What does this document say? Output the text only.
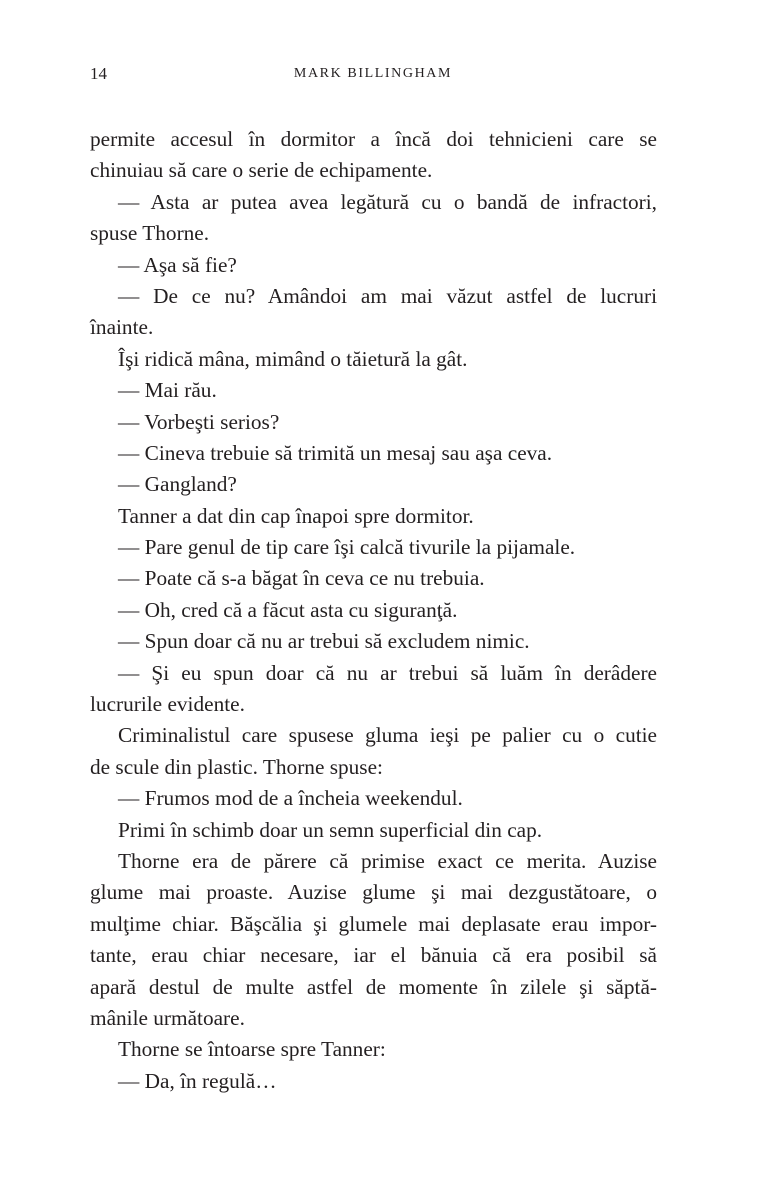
14	MARK BILLINGHAM
permite accesul în dormitor a încă doi tehnicieni care se
chinuiau să care o serie de echipamente.
— Asta ar putea avea legătură cu o bandă de infractori,
spuse Thorne.
— Aşa să fie?
— De ce nu? Amândoi am mai văzut astfel de lucruri
înainte.
Îşi ridică mâna, mimând o tăietură la gât.
— Mai rău.
— Vorbeşti serios?
— Cineva trebuie să trimită un mesaj sau aşa ceva.
— Gangland?
Tanner a dat din cap înapoi spre dormitor.
— Pare genul de tip care îşi calcă tivurile la pijamale.
— Poate că s-a băgat în ceva ce nu trebuia.
— Oh, cred că a făcut asta cu siguranţă.
— Spun doar că nu ar trebui să excludem nimic.
— Şi eu spun doar că nu ar trebui să luăm în derâdere
lucrurile evidente.
Criminalistul care spusese gluma ieşi pe palier cu o cutie
de scule din plastic. Thorne spuse:
— Frumos mod de a încheia weekendul.
Primi în schimb doar un semn superficial din cap.
Thorne era de părere că primise exact ce merita. Auzise
glume mai proaste. Auzise glume şi mai dezgustătoare, o
mulţime chiar. Băşcălia şi glumele mai deplasate erau impor-
tante, erau chiar necesare, iar el bănuia că era posibil să
apară destul de multe astfel de momente în zilele şi săptă-
mânile următoare.
Thorne se întoarse spre Tanner:
— Da, în regulă…
